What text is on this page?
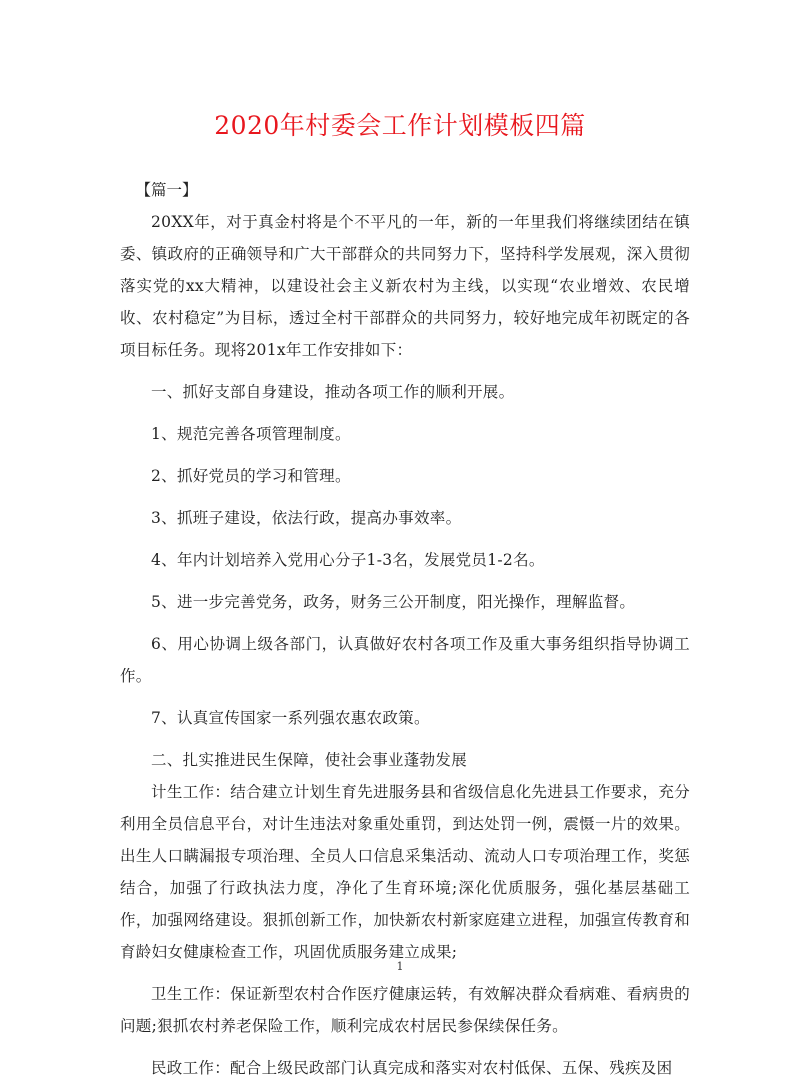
2020年村委会工作计划模板四篇

【篇一】

20XX年，对于真金村将是个不平凡的一年，新的一年里我们将继续团结在镇委、镇政府的正确领导和广大干部群众的共同努力下，坚持科学发展观，深入贯彻落实党的xx大精神，以建设社会主义新农村为主线，以实现“农业增效、农民增收、农村稳定”为目标，透过全村干部群众的共同努力，较好地完成年初既定的各项目标任务。现将201x年工作安排如下：

一、抓好支部自身建设，推动各项工作的顺利开展。

1、规范完善各项管理制度。

2、抓好党员的学习和管理。

3、抓班子建设，依法行政，提高办事效率。

4、年内计划培养入党用心分子1-3名，发展党员1-2名。

5、进一步完善党务，政务，财务三公开制度，阳光操作，理解监督。

6、用心协调上级各部门，认真做好农村各项工作及重大事务组织指导协调工作。

7、认真宣传国家一系列强农惠农政策。

二、扎实推进民生保障，使社会事业蓬勃发展

计生工作：结合建立计划生育先进服务县和省级信息化先进县工作要求，充分利用全员信息平台，对计生违法对象重处重罚，到达处罚一例，震慑一片的效果。出生人口瞒漏报专项治理、全员人口信息采集活动、流动人口专项治理工作，奖惩结合，加强了行政执法力度，净化了生育环境;深化优质服务，强化基层基础工作，加强网络建设。狠抓创新工作，加快新农村新家庭建立进程，加强宣传教育和育龄妇女健康检查工作，巩固优质服务建立成果;

卫生工作：保证新型农村合作医疗健康运转，有效解决群众看病难、看病贵的问题;狠抓农村养老保险工作，顺利完成农村居民参保续保任务。

民政工作：配合上级民政部门认真完成和落实对农村低保、五保、残疾及困

1
